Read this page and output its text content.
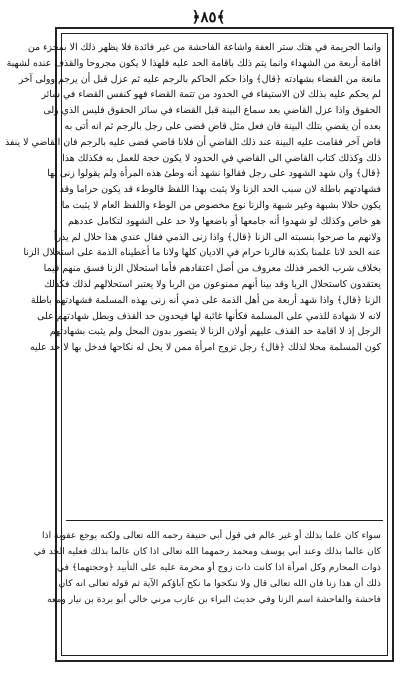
﴿٨٥﴾
وانما الجريمة في هتك ستر العفة واشاعة الفاحشة من غير فائدة فلا يظهر ذلك الا بمجزء من
اقامة أربعة من الشهداء وانما يتم ذلك باقامة الحد عليه فلهذا لا يكون مجروحا والقذف عنده لشهبة
مانعة من القضاء بشهادته ﴿قال﴾ واذا حكم الحاكم بالرجم عليه ثم عزل قبل أن يرجم وولى آخر
لم يحكم عليه بذلك لان الاستيفاء في الحدود من تتمة القضاء فهو كنفس القضاء في سائر
الحقوق واذا عزل القاضي بعد سماع البينة قبل القضاء في سائر الحقوق فليس الذي ولى
بعده أن يقضي بتلك البينة فان فعل مثل قاض قضى على رجل بالرجم ثم انه أتى به
قاض آخر فقامت عليه البينة عند ذلك القاضي أن فلانا قاضي قضى عليه بالرجم فان القاضي لا ينفذ
ذلك وكذلك كتاب القاضي الى القاضي في الحدود لا يكون حجة للعمل به فكذلك هذا
﴿قال﴾ وان شهد الشهود على رجل فقالوا نشهد أنه وطئ هذه المرأة ولم يقولوا زنى بها
فشهادتهم باطلة لان سبب الحد الزنا ولا يثبت بهذا اللفظ فالوطء قد يكون حراما وقد
يكون حلالا بشبهة وغير شبهة والزنا نوع مخصوص من الوطء واللفظ العام لا يثبت ما
هو خاص وكذلك لو شهدوا أنه جامعها أو باضعها ولا حد على الشهود لتكامل عددهم
ولانهم ما صرحوا بنسبته الى الزنا ﴿قال﴾ واذا زنى الذمي فقال عندي هذا حلال لم يدرأ
عنه الحد لانا علمنا بكذبه فالزنا حرام في الاديان كلها ولانا ما أعطيناه الذمة على استحلال الزنا
بخلاف شرب الخمر فذلك معروف من أصل اعتقادهم فأما استحلال الزنا فسق منهم فيما
يعتقدون كاستحلال الربا وقد بينا أنهم ممنوعون من الربا ولا يعتبر استحلالهم لذلك فكذلك
الزنا ﴿قال﴾ واذا شهد أربعة من أهل الذمة على ذمي أنه زنى بهذه المسلمة فشهادتهم باطلة
لانه لا شهادة للذمي على المسلمة فكأنها غائبة لها فيحدون حد القذف وبطل شهادتهم على
الرجل إذ لا اقامة حد القذف عليهم أولان الزنا لا يتصور بدون المحل ولم يثبت بشهادتهم
كون المسلمة محلا لذلك ﴿قال﴾ رجل تزوج امرأة ممن لا يحل له نكاحها فدخل بها لا حد عليه
سواء كان علما بذلك أو غير عالم في قول أبي حنيفة رحمه الله تعالى ولكنه يوجع عقوبة اذا
كان عالما بذلك وعند أبي يوسف ومحمد رحمهما الله تعالى اذا كان عالما بذلك فعليه الحد في
ذوات المحارم وكل امرأة اذا كانت ذات زوج أو محرمة عليه على التأبيد ﴿وحجتهما﴾ في
ذلك أن هذا زنا فان الله تعالى قال ولا تنكحوا ما نكح آباؤكم الآية ثم قوله تعالى انه كان
فاحشة والفاحشة اسم الزنا وفي حديث البراء بن عازب مرني خالي أبو بردة بن نيار ومعه
